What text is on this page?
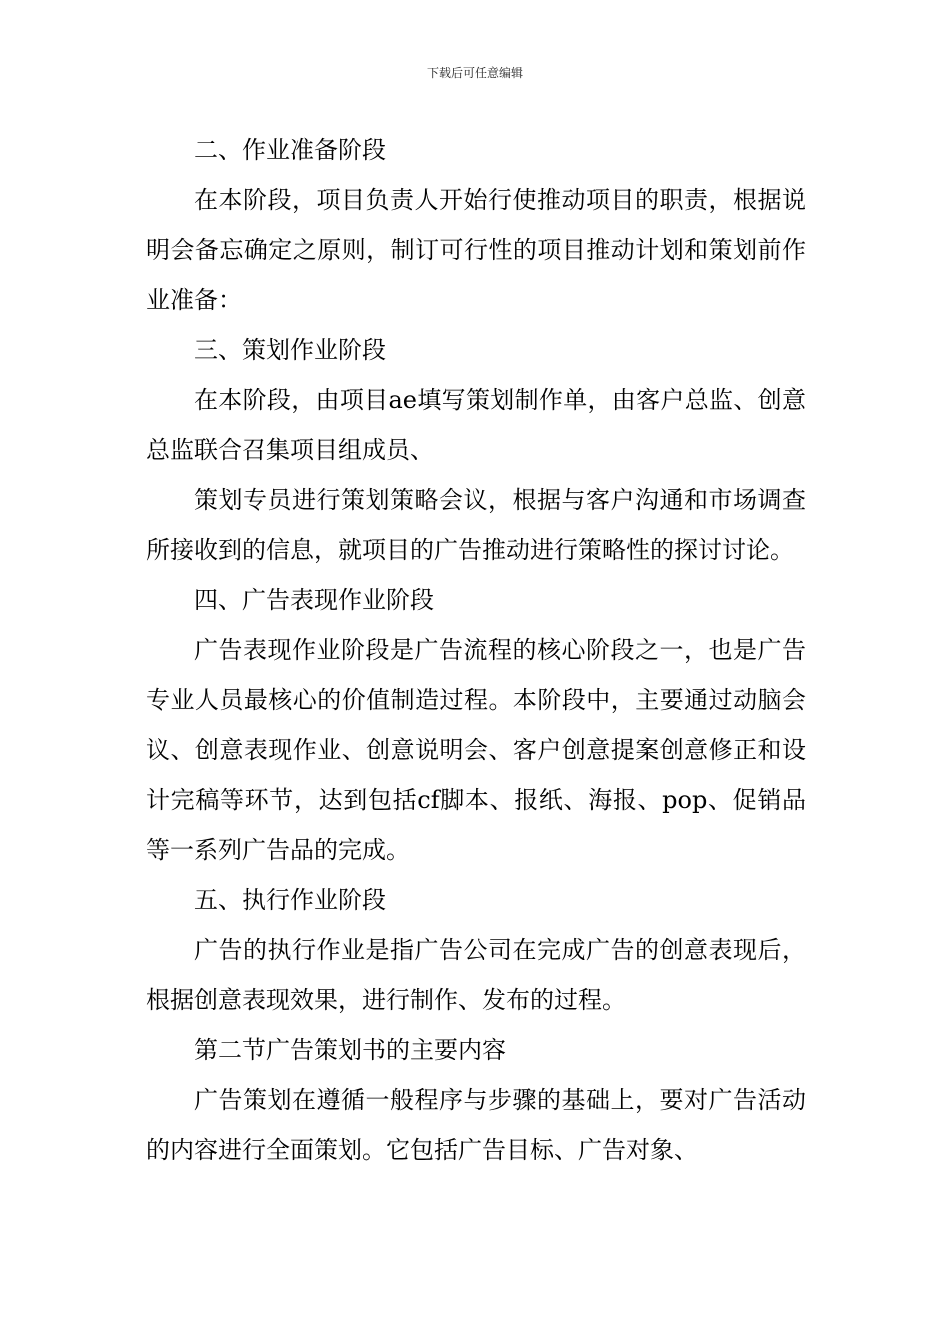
下载后可任意编辑

二、作业准备阶段

在本阶段，项目负责人开始行使推动项目的职责，根据说明会备忘确定之原则，制订可行性的项目推动计划和策划前作业准备：

三、策划作业阶段

在本阶段，由项目ae填写策划制作单，由客户总监、创意总监联合召集项目组成员、

策划专员进行策划策略会议，根据与客户沟通和市场调查所接收到的信息，就项目的广告推动进行策略性的探讨讨论。

四、广告表现作业阶段

广告表现作业阶段是广告流程的核心阶段之一，也是广告专业人员最核心的价值制造过程。本阶段中，主要通过动脑会议、创意表现作业、创意说明会、客户创意提案创意修正和设计完稿等环节，达到包括cf脚本、报纸、海报、pop、促销品等一系列广告品的完成。

五、执行作业阶段

广告的执行作业是指广告公司在完成广告的创意表现后，根据创意表现效果，进行制作、发布的过程。

第二节广告策划书的主要内容

广告策划在遵循一般程序与步骤的基础上，要对广告活动的内容进行全面策划。它包括广告目标、广告对象、
